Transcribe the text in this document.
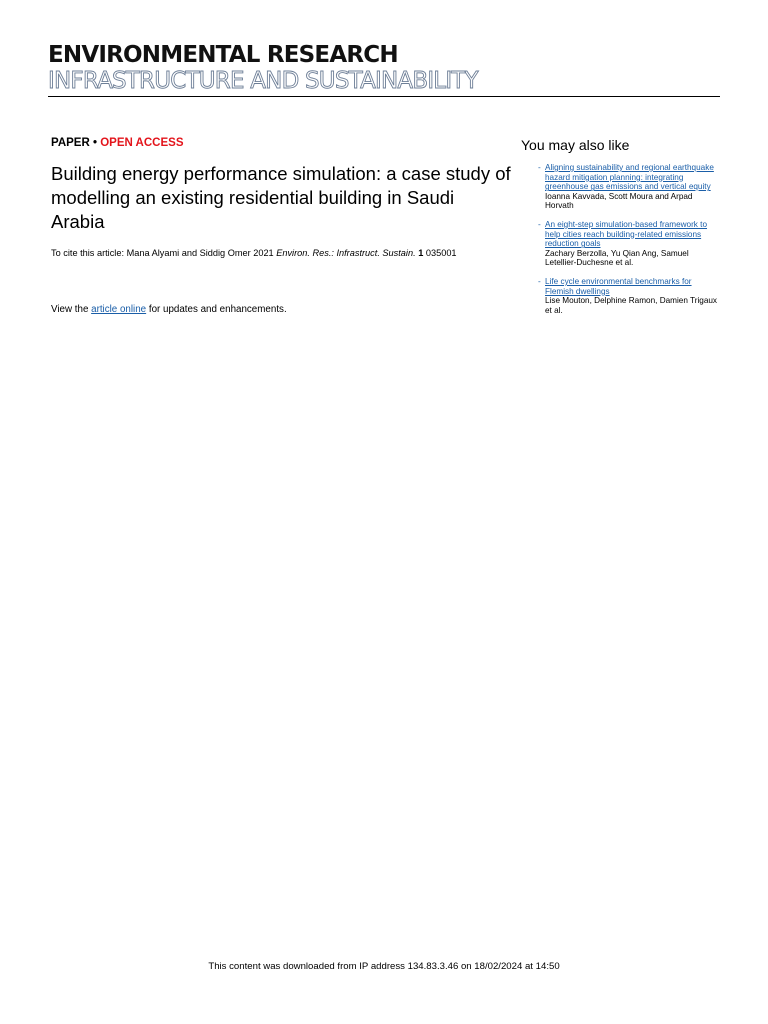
ENVIRONMENTAL RESEARCH
INFRASTRUCTURE AND SUSTAINABILITY
PAPER • OPEN ACCESS
Building energy performance simulation: a case study of modelling an existing residential building in Saudi Arabia
To cite this article: Mana Alyami and Siddig Omer 2021 Environ. Res.: Infrastruct. Sustain. 1 035001
View the article online for updates and enhancements.
You may also like
- Aligning sustainability and regional earthquake hazard mitigation planning: integrating greenhouse gas emissions and vertical equity
Ioanna Kavvada, Scott Moura and Arpad Horvath
- An eight-step simulation-based framework to help cities reach building-related emissions reduction goals
Zachary Berzolla, Yu Qian Ang, Samuel Letellier-Duchesne et al.
- Life cycle environmental benchmarks for Flemish dwellings
Lise Mouton, Delphine Ramon, Damien Trigaux et al.
This content was downloaded from IP address 134.83.3.46 on 18/02/2024 at 14:50
